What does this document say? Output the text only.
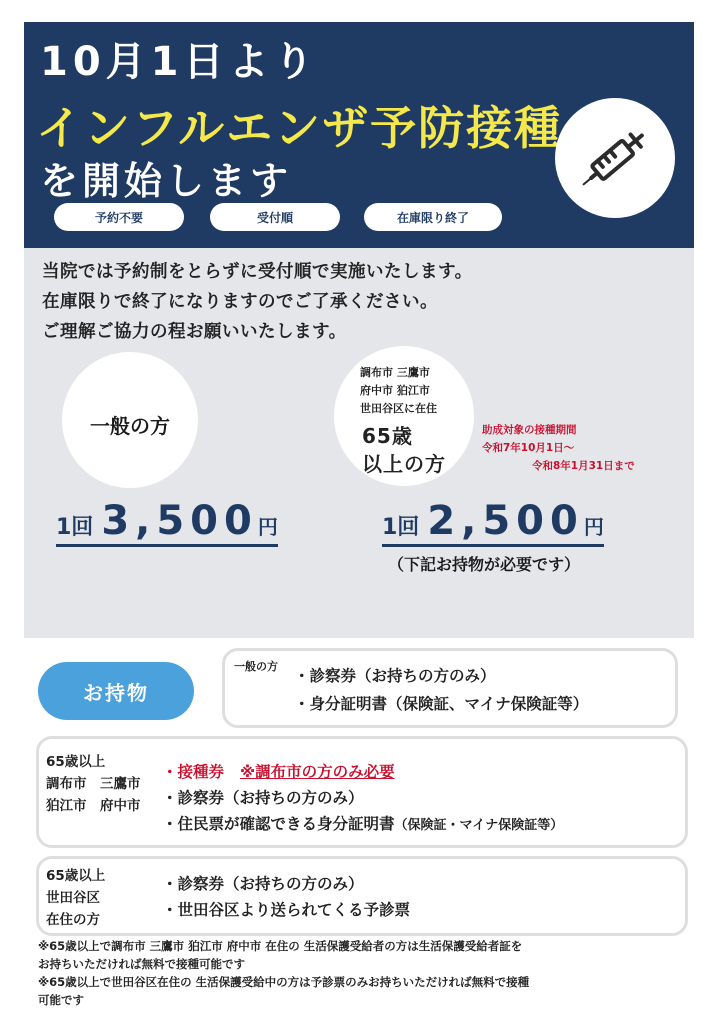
10月1日より
インフルエンザ予防接種
を開始します
予約不要	受付順	在庫限り終了
当院では予約制をとらずに受付順で実施いたします。
在庫限りで終了になりますのでご了承ください。
ご理解ご協力の程お願いいたします。
一般の方
調布市 三鷹市
府中市 狛江市
世田谷区に在住
65歳
以上の方
助成対象の接種期間
令和7年10月1日～
令和8年1月31日まで
1回 3,500円	1回 2,500円
（下記お持物が必要です）
お持物
一般の方
・診察券（お持ちの方のみ）
・身分証明書（保険証、マイナ保険証等）
65歳以上
調布市　三鷹市
狛江市　府中市
・接種券 ※調布市の方のみ必要
・診察券（お持ちの方のみ）
・住民票が確認できる身分証明書（保険証・マイナ保険証等）
65歳以上
世田谷区
在住の方
・診察券（お持ちの方のみ）
・世田谷区より送られてくる予診票
※65歳以上で調布市 三鷹市 狛江市 府中市 在住の 生活保護受給者の方は生活保護受給者証を
お持ちいただければ無料で接種可能です
※65歳以上で世田谷区在住の 生活保護受給中の方は予診票のみお持ちいただければ無料で接種
可能です
